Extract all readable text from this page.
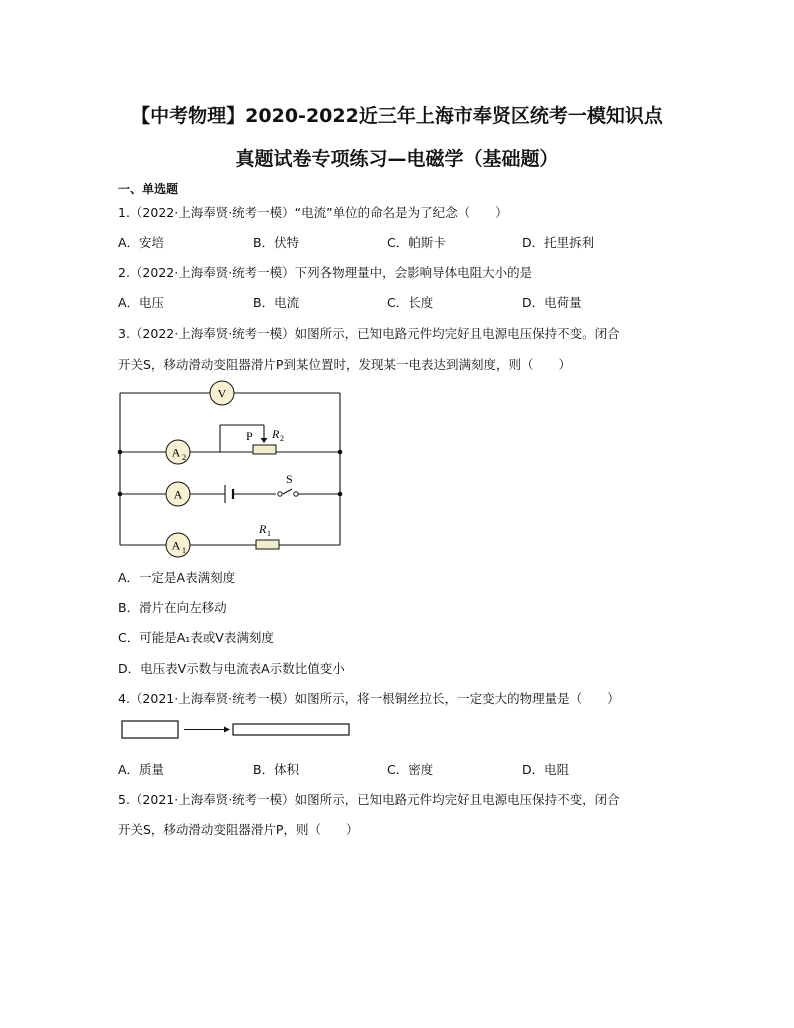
【中考物理】2020-2022近三年上海市奉贤区统考一模知识点
真题试卷专项练习—电磁学（基础题）
一、单选题
1.（2022·上海奉贤·统考一模）“电流”单位的命名是为了纪念（　　）
A．安培	B．伏特	C．帕斯卡	D．托里拆利
2.（2022·上海奉贤·统考一模）下列各物理量中，会影响导体电阻大小的是
A．电压	B．电流	C．长度	D．电荷量
3.（2022·上海奉贤·统考一模）如图所示，已知电路元件均完好且电源电压保持不变。闭合
开关S，移动滑动变阻器滑片P到某位置时，发现某一电表达到满刻度，则（　　）
V
A 2
A
A 1
P R 2
R 1
S
A．一定是A表满刻度
B．滑片在向左移动
C．可能是A₁表或V表满刻度
D．电压表V示数与电流表A示数比值变小
4.（2021·上海奉贤·统考一模）如图所示，将一根铜丝拉长，一定变大的物理量是（　　）
A．质量	B．体积	C．密度	D．电阻
5.（2021·上海奉贤·统考一模）如图所示，已知电路元件均完好且电源电压保持不变，闭合
开关S，移动滑动变阻器滑片P，则（　　）
